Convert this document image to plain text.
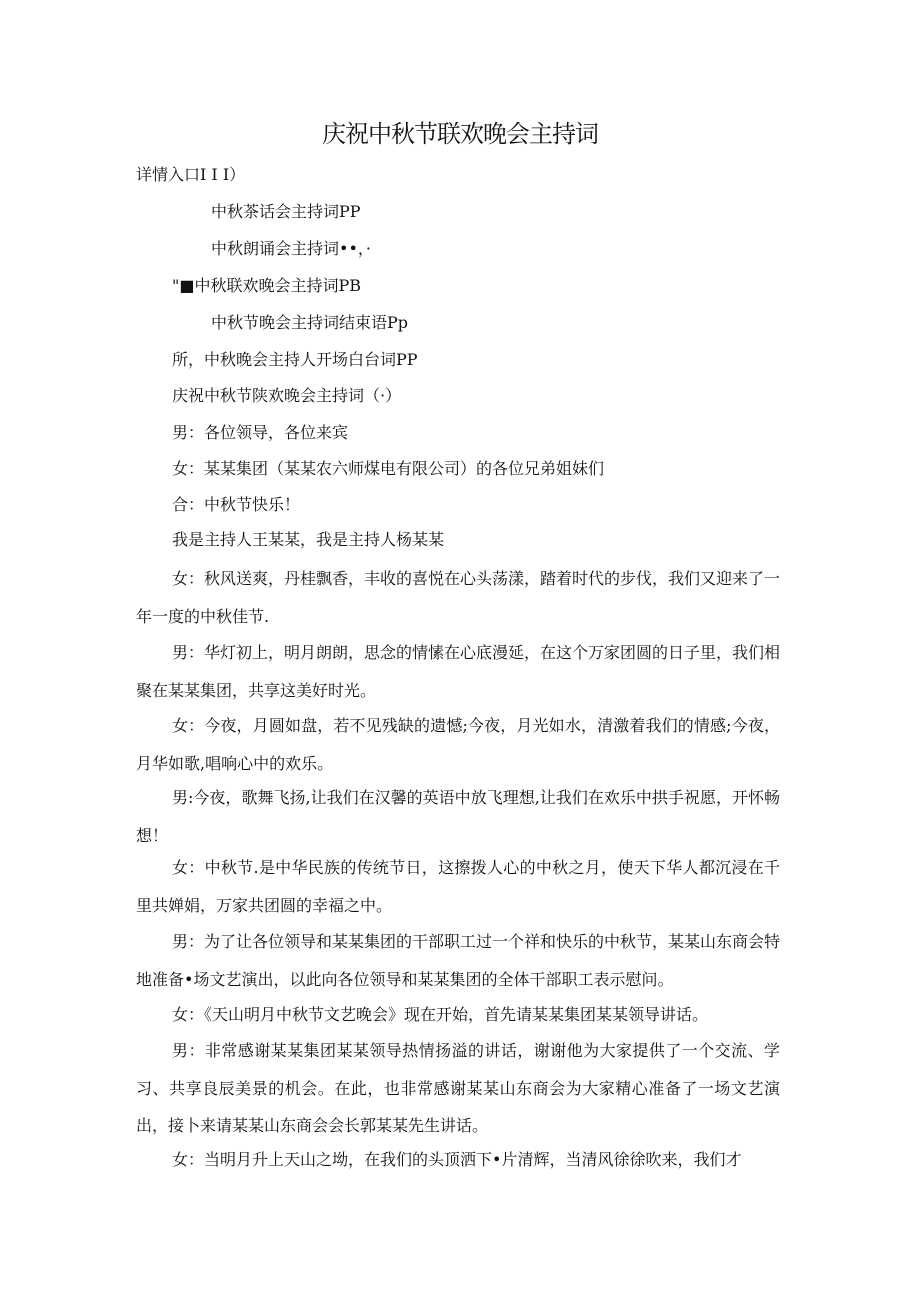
庆祝中秋节联欢晚会主持词

详情入口I I I）

中秋茶话会主持词PP

中秋朗诵会主持词••，·

"■中秋联欢晚会主持词PB

中秋节晚会主持词结束语Pp

所，中秋晚会主持人开场白台词PP

庆祝中秋节陕欢晚会主持词（·）

男：各位领导，各位来宾

女：某某集团（某某农六师煤电有限公司）的各位兄弟姐妹们

合：中秋节快乐！

我是主持人王某某，我是主持人杨某某

女：秋风送爽，丹桂飘香，丰收的喜悦在心头荡漾，踏着时代的步伐，我们又迎来了一年一度的中秋佳节.

男：华灯初上，明月朗朗，思念的情愫在心底漫延，在这个万家团圆的日子里，我们相聚在某某集团，共享这美好时光。

女：今夜，月圆如盘，若不见残缺的遗憾;今夜，月光如水，清激着我们的情感;今夜，月华如歌,唱响心中的欢乐。

男:今夜，歌舞飞扬,让我们在汉馨的英语中放飞理想,让我们在欢乐中拱手祝愿，开怀畅想！

女：中秋节.是中华民族的传统节日，这擦拨人心的中秋之月，使天下华人都沉浸在千里共婵娟，万家共团圆的幸福之中。

男：为了让各位领导和某某集团的干部职工过一个祥和快乐的中秋节，某某山东商会特地准备•场文艺演出，以此向各位领导和某某集团的全体干部职工表示慰问。

女：《天山明月中秋节文艺晚会》现在开始，首先请某某集团某某领导讲话。

男：非常感谢某某集团某某领导热情扬溢的讲话，谢谢他为大家提供了一个交流、学习、共享良辰美景的机会。在此，也非常感谢某某山东商会为大家精心准备了一场文艺演出，接卜来请某某山东商会会长郭某某先生讲话。

女：当明月升上天山之坳，在我们的头顶洒下•片清辉，当清风徐徐吹来，我们才
